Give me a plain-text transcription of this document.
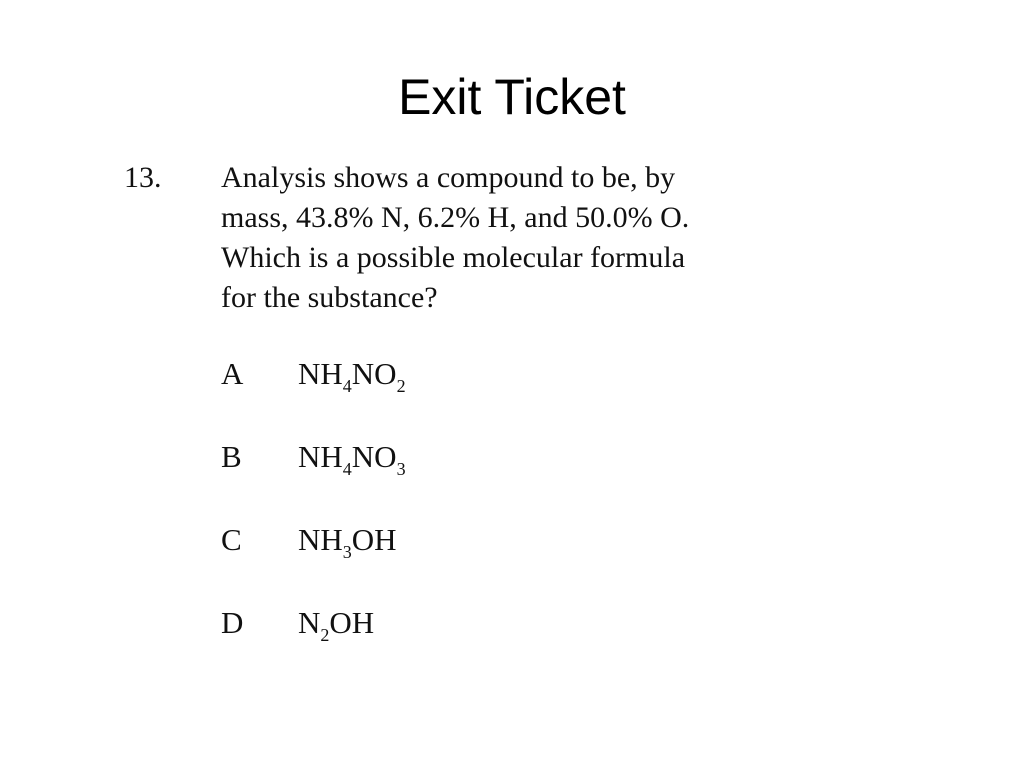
Exit Ticket
13. Analysis shows a compound to be, by
mass, 43.8% N, 6.2% H, and 50.0% O.
Which is a possible molecular formula
for the substance?
A	$NH_4NO_2$
B	$NH_4NO_3$
C	$NH_3OH$
D	$N_2OH$
